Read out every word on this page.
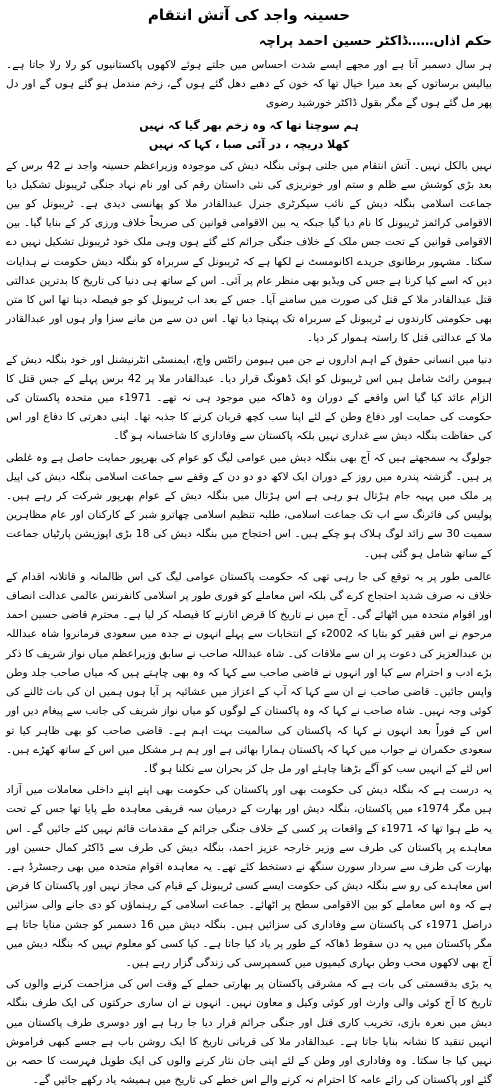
حسینہ واجد کی آتش انتقام
حکم اذاں……ڈاکٹر حسین احمد پراچہ

ہر سال دسمبر آتا ہے اور مجھے ایسے شدت احساس میں جلتے ہوئے لاکھوں پاکستانیوں کو رلا رلا جاتا ہے۔ بیالیس برساتوں کے بعد میرا خیال تھا کہ خون کے دھبے دھل گئے ہوں گے، زخم مندمل ہو گئے ہوں گے اور دل پھر مل گئے ہوں گے مگر بقول ڈاکٹر خورشید رضوی

ہم سوچتا تھا کہ وہ زخم بھر گیا کہ نہیں

کھلا دریچہ ، در آئی صبا ، کہا کہ نہیں

نہیں بالکل نہیں۔ آتش انتقام میں جلتی ہوئی بنگلہ دیش کی موجودہ وزیراعظم حسینہ واجد نے 42 برس کے بعد بڑی کوشش سے ظلم و ستم اور خونریزی کی نئی داستان رقم کی اور نام نہاد جنگی ٹریبونل تشکیل دیا جماعت اسلامی بنگلہ دیش کے نائب سیکرٹری جنرل عبدالقادر ملا کو پھانسی دیدی ہے۔ ٹریبونل کو بین الاقوامی کرائمز ٹریبونل کا نام دیا گیا جبکہ یہ بین الاقوامی قوانین کی صریحاً خلاف ورزی کر کے بنایا گیا۔ بین الاقوامی قوانین کے تحت جس ملک کے خلاف جنگی جرائم کئے گئے ہوں وہی ملک خود ٹریبونل تشکیل نہیں دے سکتا۔ مشہور برطانوی جریدے اکانومسٹ نے لکھا ہے کہ ٹریبونل کے سربراہ کو بنگلہ دیش حکومت نے ہدایات دیں کہ اسے کیا کرنا ہے جس کی ویڈیو بھی منظر عام پر آئی۔ اس کے ساتھ ہی دنیا کی تاریخ کا بدترین عدالتی قتل عبدالقادر ملا کے قتل کی صورت میں سامنے آیا۔ جس کے بعد اب ٹریبونل کو جو فیصلہ دینا تھا اس کا متن بھی حکومتی کارندوں نے ٹریبونل کے سربراہ تک پہنچا دیا تھا۔ اس دن سے من مانے سزا وار ہوں اور عبدالقادر ملا کے عدالتی قتل کا راستہ ہموار کر دیا۔

دنیا میں انسانی حقوق کے اہم اداروں نے جن میں ہیومن رائٹس واچ، ایمنسٹی انٹرنیشنل اور خود بنگلہ دیش کے ہیومن رائٹ شامل ہیں اس ٹریبونل کو ایک ڈھونگ قرار دیا۔ عبدالقادر ملا پر 42 برس پہلے کے جس قتل کا الزام عائد کیا گیا اس واقعے کے دوران وہ ڈھاکہ میں موجود ہی نہ تھے۔ 1971ء میں متحدہ پاکستان کی حکومت کی حمایت اور دفاع وطن کے لئے اپنا سب کچھ قربان کرنے کا جذبہ تھا۔ اپنی دھرتی کا دفاع اور اس کی حفاظت بنگلہ دیش سے غداری نہیں بلکہ پاکستان سے وفاداری کا شاخسانہ ہو گا۔

جولوگ یہ سمجھتے ہیں کہ آج بھی بنگلہ دیش میں عوامی لیگ کو عوام کی بھرپور حمایت حاصل ہے وہ غلطی پر ہیں۔ گزشتہ پندرہ میں روز کے دوران ایک لاکھ دو دو دن کے وقفے سے جماعت اسلامی بنگلہ دیش کی اپیل پر ملک میں پہیہ جام ہڑتال ہو رہی ہے اس ہڑتال میں بنگلہ دیش کے عوام بھرپور شرکت کر رہے ہیں۔ پولیس کی فائرنگ سے اب تک جماعت اسلامی، طلبہ تنظیم اسلامی چھاترو شبر کے کارکنان اور عام مظاہرین سمیت 30 سے زائد لوگ ہلاک ہو چکے ہیں۔ اس احتجاج میں بنگلہ دیش کی 18 بڑی اپوزیشن پارٹیاں جماعت کے ساتھ شامل ہو گئی ہیں۔

عالمی طور پر یہ توقع کی جا رہی تھی کہ حکومت پاکستان عوامی لیگ کی اس ظالمانہ و قاتلانہ اقدام کے خلاف نہ صرف شدید احتجاج کرے گی بلکہ اس معاملے کو فوری طور پر اسلامی کانفرنس عالمی عدالت انصاف اور اقوام متحدہ میں اٹھائے گی۔ آج میں نے تاریخ کا قرض اتارنے کا فیصلہ کر لیا ہے۔ محترم قاضی حسین احمد مرحوم نے اس فقیر کو بتایا کہ 2002ء کے انتخابات سے پہلے انہوں نے جدہ میں سعودی فرمانروا شاہ عبداللہ بن عبدالعزیز کی دعوت پر ان سے ملاقات کی۔ شاہ عبداللہ صاحب نے سابق وزیراعظم میاں نواز شریف کا ذکر بڑے ادب و احترام سے کیا اور انہوں نے قاضی صاحب سے کہا کہ وہ بھی چاہتے ہیں کہ میاں صاحب جلد وطن واپس جائیں۔ قاضی صاحب نے ان سے کہا کہ آپ کے اعزاز میں عشائیہ پر آیا ہوں ہمیں ان کی بات ٹالنے کی کوئی وجہ نہیں۔ شاہ صاحب نے کہا کہ وہ پاکستان کے لوگوں کو میاں نواز شریف کی جانب سے پیغام دیں اور اس کے فوراً بعد انہوں نے کہا کہ پاکستان کی سالمیت بہت اہم ہے۔ قاضی صاحب کو بھی ظاہر کیا تو سعودی حکمران نے جواب میں کہا کہ پاکستان ہمارا بھائی ہے اور ہم ہر مشکل میں اس کے ساتھ کھڑے ہیں۔ اس لئے کے انہیں سب کو آگے بڑھنا چاہئے اور مل جل کر بحران سے نکلنا ہو گا۔

یہ درست ہے کہ بنگلہ دیش کی حکومت بھی اور پاکستان کی حکومت بھی اپنے اپنے داخلی معاملات میں آزاد ہیں مگر 1974ء میں پاکستان، بنگلہ دیش اور بھارت کے درمیان سہ فریقی معاہدہ طے پایا تھا جس کے تحت یہ طے ہوا تھا کہ 1971ء کے واقعات پر کسی کے خلاف جنگی جرائم کے مقدمات قائم نہیں کئے جائیں گے۔ اس معاہدے پر پاکستان کی طرف سے وزیر خارجہ عزیز احمد، بنگلہ دیش کی طرف سے ڈاکٹر کمال حسین اور بھارت کی طرف سے سردار سورن سنگھ نے دستخط کئے تھے۔ یہ معاہدہ اقوام متحدہ میں بھی رجسٹرڈ ہے۔ اس معاہدے کی رو سے بنگلہ دیش کی حکومت ایسے کسی ٹریبونل کے قیام کی مجاز نہیں اور پاکستان کا فرض ہے کہ وہ اس معاملے کو بین الاقوامی سطح پر اٹھائے۔ جماعت اسلامی کے رہنماؤں کو دی جانے والی سزائیں دراصل 1971ء کی پاکستان سے وفاداری کی سزائیں ہیں۔ بنگلہ دیش میں 16 دسمبر کو جشن منایا جاتا ہے مگر پاکستان میں یہ دن سقوط ڈھاکہ کے طور پر یاد کیا جاتا ہے۔ کیا کسی کو معلوم نہیں کہ بنگلہ دیش میں آج بھی لاکھوں محب وطن بہاری کیمپوں میں کسمپرسی کی زندگی گزار رہے ہیں۔

یہ بڑی بدقسمتی کی بات ہے کہ مشرقی پاکستان پر بھارتی حملے کے وقت اس کی مزاحمت کرنے والوں کی تاریخ کا آج کوئی والی وارث اور کوئی وکیل و معاون نہیں۔ انہوں نے ان ساری حرکتوں کی ایک طرف بنگلہ دیش میں نعرہ بازی، تخریب کاری قتل اور جنگی جرائم قرار دیا جا رہا ہے اور دوسری طرف پاکستان میں انہیں تنقید کا نشانہ بنایا جاتا ہے۔ عبدالقادر ملا کی قربانی تاریخ کا ایک روشن باب ہے جسے کبھی فراموش نہیں کیا جا سکتا۔ وہ وفاداری اور وطن کے لئے اپنی جان نثار کرنے والوں کی ایک طویل فہرست کا حصہ بن گئے اور پاکستان کی رائے عامہ کا احترام نہ کرنے والے اس خطے کی تاریخ میں ہمیشہ یاد رکھے جائیں گے۔
